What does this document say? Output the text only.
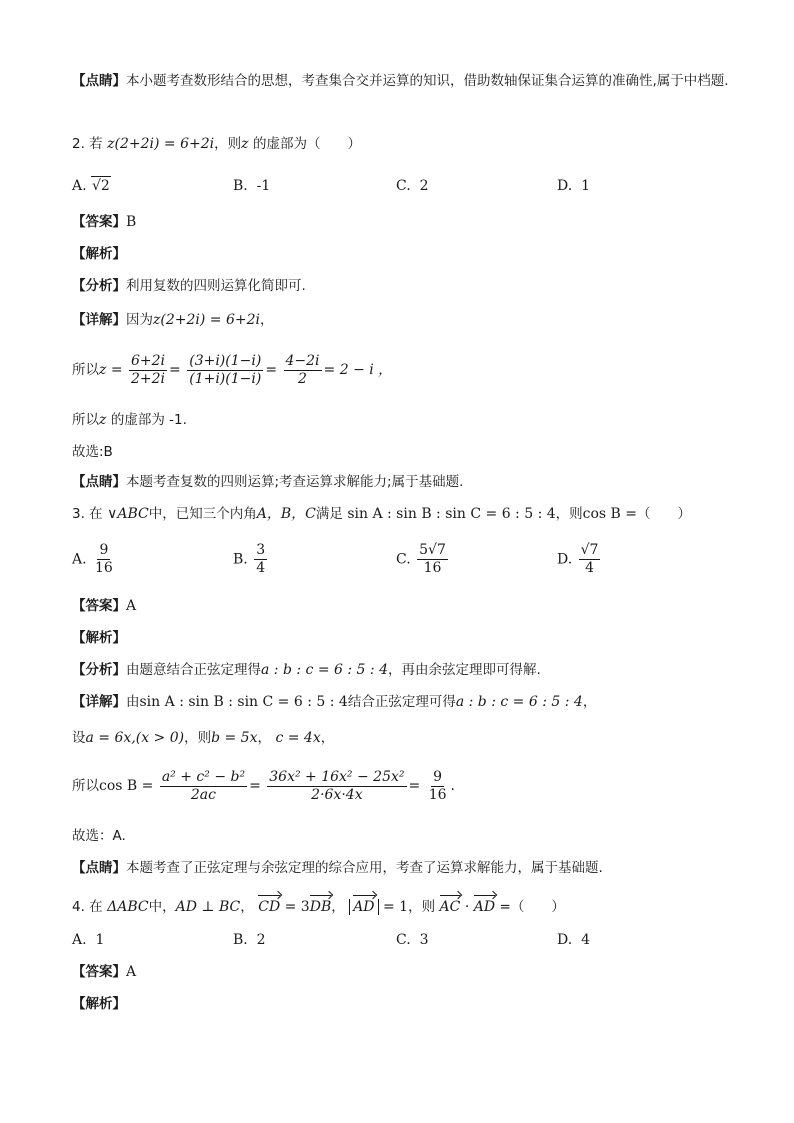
【点睛】本小题考查数形结合的思想，考查集合交并运算的知识，借助数轴保证集合运算的准确性,属于中档题.
2. 若 z(2+2i) = 6+2i，则z 的虚部为（　　）
A. √2	B. -1	C. 2	D. 1
【答案】B
【解析】
【分析】利用复数的四则运算化简即可.
【详解】因为z(2+2i) = 6+2i，
所以$z = \frac{6+2i}{2+2i} = \frac{(3+i)(1-i)}{(1+i)(1-i)} = \frac{4-2i}{2} = 2 - i$ ，
所以z 的虚部为 -1.
故选:B
【点睛】本题考查复数的四则运算;考查运算求解能力;属于基础题.
3. 在 ∨ABC中，已知三个内角A，B，C满足 sin A : sin B : sin C = 6 : 5 : 4，则cos B =（　　）
A. $\frac{9}{16}$	B. $\frac{3}{4}$	C. $\frac{5√7}{16}$	D. $\frac{√7}{4}$
【答案】A
【解析】
【分析】由题意结合正弦定理得a : b : c = 6 : 5 : 4，再由余弦定理即可得解.
【详解】由sin A : sin B : sin C = 6 : 5 : 4结合正弦定理可得a : b : c = 6 : 5 : 4，
设a = 6x,(x > 0)，则b = 5x， c = 4x，
所以$\cos B = \frac{\text{a² + c² − b²}}{2ac} = \frac{\text{36x² + 16x² − 25x²}}{2\cdot 6x\cdot 4x} = \frac{9}{16}$ .
故选：A.
【点睛】本题考查了正弦定理与余弦定理的综合应用，考查了运算求解能力，属于基础题.
4. 在 ΔABC中，AD ⊥ BC， CD = 3DB， AD = 1，则 AC · AD =（　　）
A. 1	B. 2	C. 3	D. 4
【答案】A
【解析】
